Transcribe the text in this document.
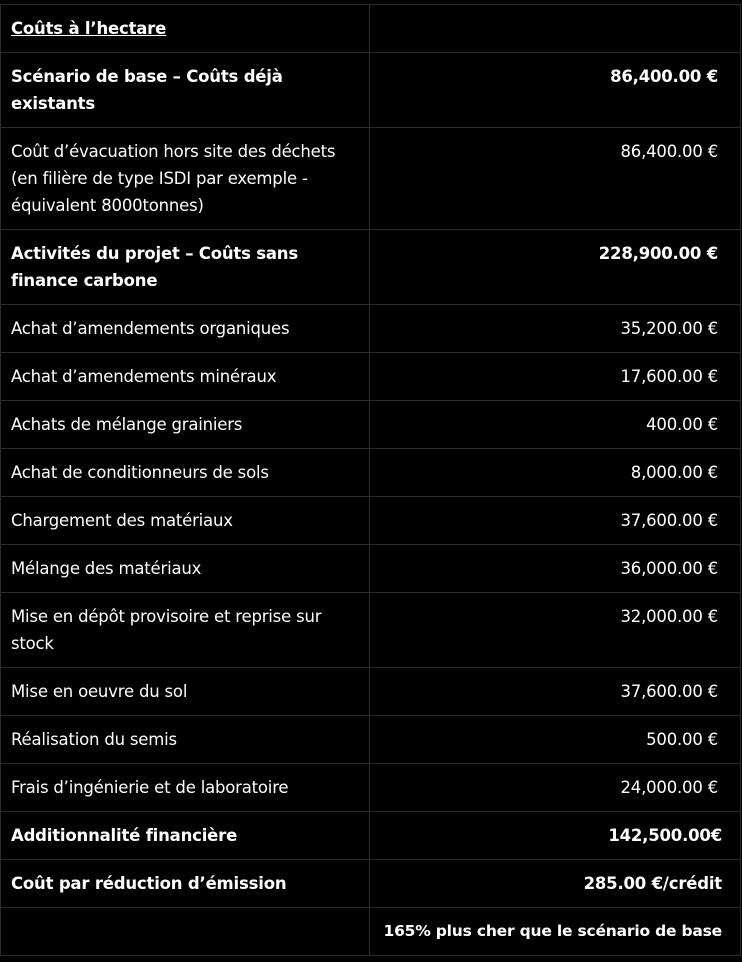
Coûts à l’hectare	
Scénario de base – Coûts déjà existants	86,400.00 €
Coût d’évacuation hors site des déchets (en filière de type ISDI par exemple - équivalent 8000tonnes)	86,400.00 €
Activités du projet – Coûts sans finance carbone	228,900.00 €
Achat d’amendements organiques	35,200.00 €
Achat d’amendements minéraux	17,600.00 €
Achats de mélange grainiers	400.00 €
Achat de conditionneurs de sols	8,000.00 €
Chargement des matériaux	37,600.00 €
Mélange des matériaux	36,000.00 €
Mise en dépôt provisoire et reprise sur stock	32,000.00 €
Mise en oeuvre du sol	37,600.00 €
Réalisation du semis	500.00 €
Frais d’ingénierie et de laboratoire	24,000.00 €
Additionnalité financière	142,500.00€
Coût par réduction d’émission	285.00 €/crédit
	165% plus cher que le scénario de base
